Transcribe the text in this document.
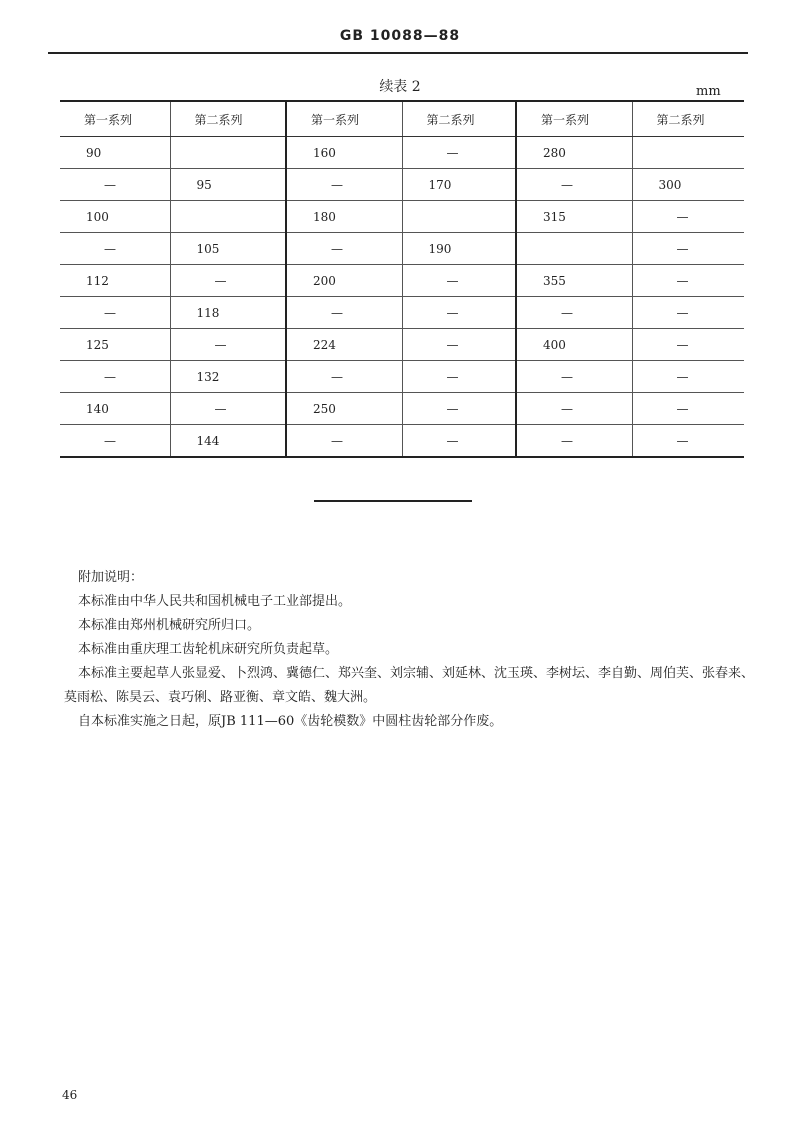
GB 10088—88
续表 2	mm
第一系列	第二系列	第一系列	第二系列	第一系列	第二系列
90		160	—	280	
—	95	—	170	—	300
100		180		315	—
—	105	—	190		—
112	—	200	—	355	—
—	118	—	—	—	—
125	—	224	—	400	—
—	132	—	—	—	—
140	—	250	—	—	—
—	144	—	—	—	—

附加说明：

本标准由中华人民共和国机械电子工业部提出。

本标准由郑州机械研究所归口。

本标准由重庆理工齿轮机床研究所负责起草。

本标准主要起草人张显爱、卜烈鸿、冀德仁、郑兴奎、刘宗辅、刘延林、沈玉瑛、李树坛、李自勤、周伯芙、张春来、莫雨松、陈昊云、袁巧俐、路亚衡、章文皓、魏大洲。

自本标准实施之日起，原JB 111—60《齿轮模数》中圆柱齿轮部分作废。

46
